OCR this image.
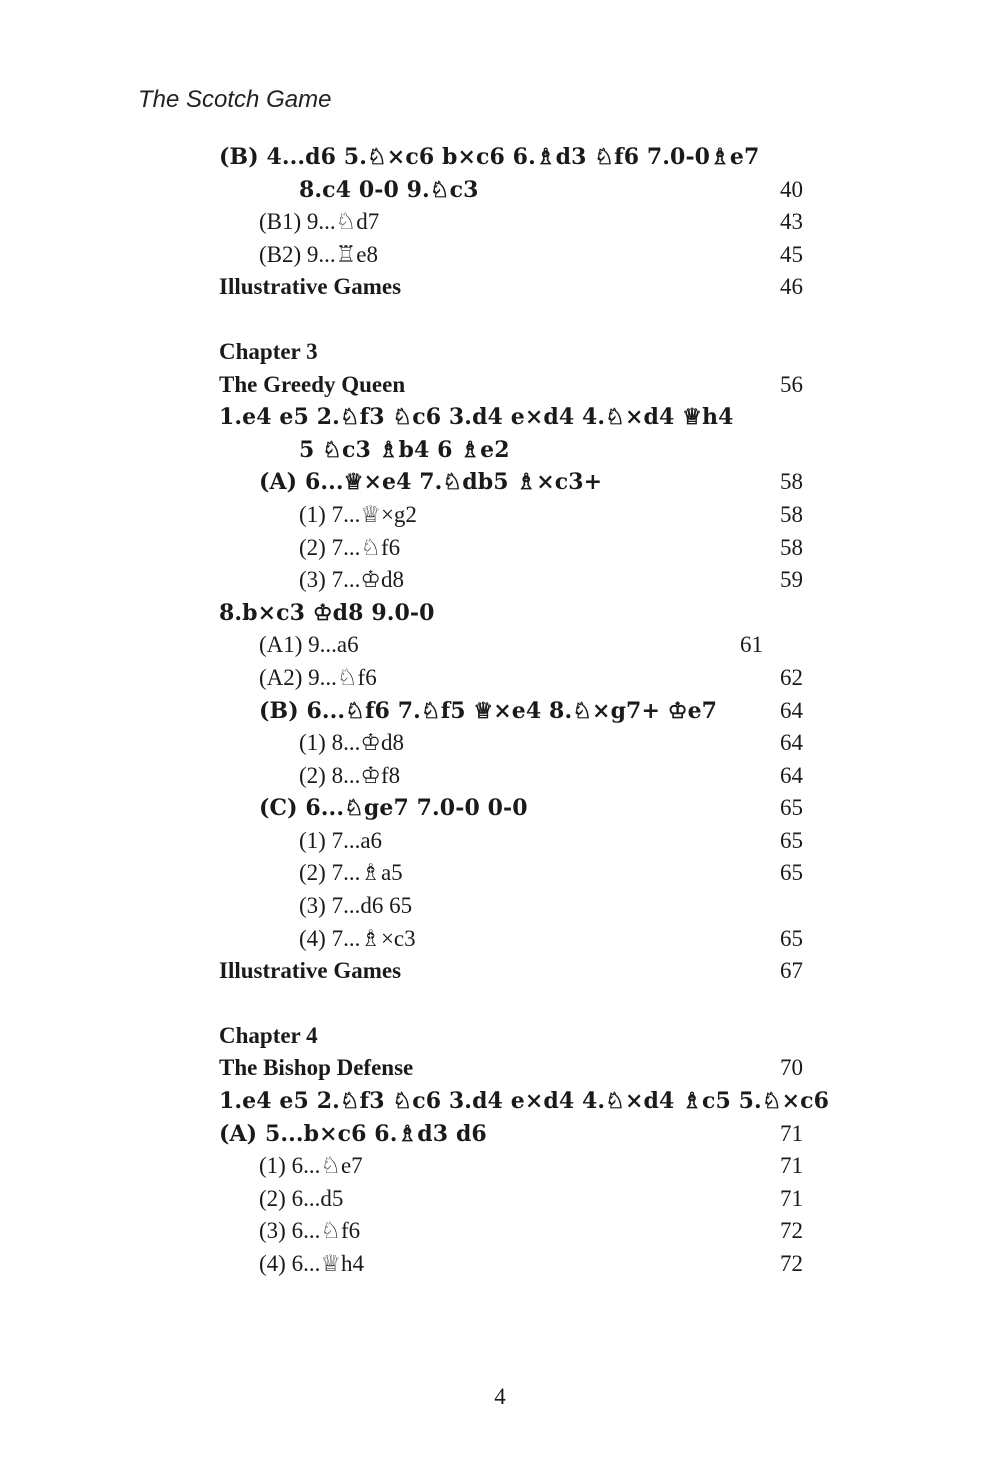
The Scotch Game
(B) 4...d6 5.♘×c6 b×c6 6.♗d3 ♘f6 7.0-0♗e7
8.c4 0-0 9.♘c3	40
(B1) 9...♘d7	43
(B2) 9...♖e8	45
Illustrative Games	46
Chapter 3
The Greedy Queen	56
1.e4 e5 2.♘f3 ♘c6 3.d4 e×d4 4.♘×d4 ♕h4
5 ♘c3 ♗b4 6 ♗e2
(A) 6...♕×e4 7.♘db5 ♗×c3+	58
(1) 7...♕×g2	58
(2) 7...♘f6	58
(3) 7...♔d8	59
8.b×c3 ♔d8 9.0-0
(A1) 9...a6	61
(A2) 9...♘f6	62
(B) 6...♘f6 7.♘f5 ♕×e4 8.♘×g7+ ♔e7	64
(1) 8...♔d8	64
(2) 8...♔f8	64
(C) 6...♘ge7 7.0-0 0-0	65
(1) 7...a6	65
(2) 7...♗a5	65
(3) 7...d6 65
(4) 7...♗×c3	65
Illustrative Games	67
Chapter 4
The Bishop Defense	70
1.e4 e5 2.♘f3 ♘c6 3.d4 e×d4 4.♘×d4 ♗c5 5.♘×c6
(A) 5...b×c6 6.♗d3 d6	71
(1) 6...♘e7	71
(2) 6...d5	71
(3) 6...♘f6	72
(4) 6...♕h4	72
4
